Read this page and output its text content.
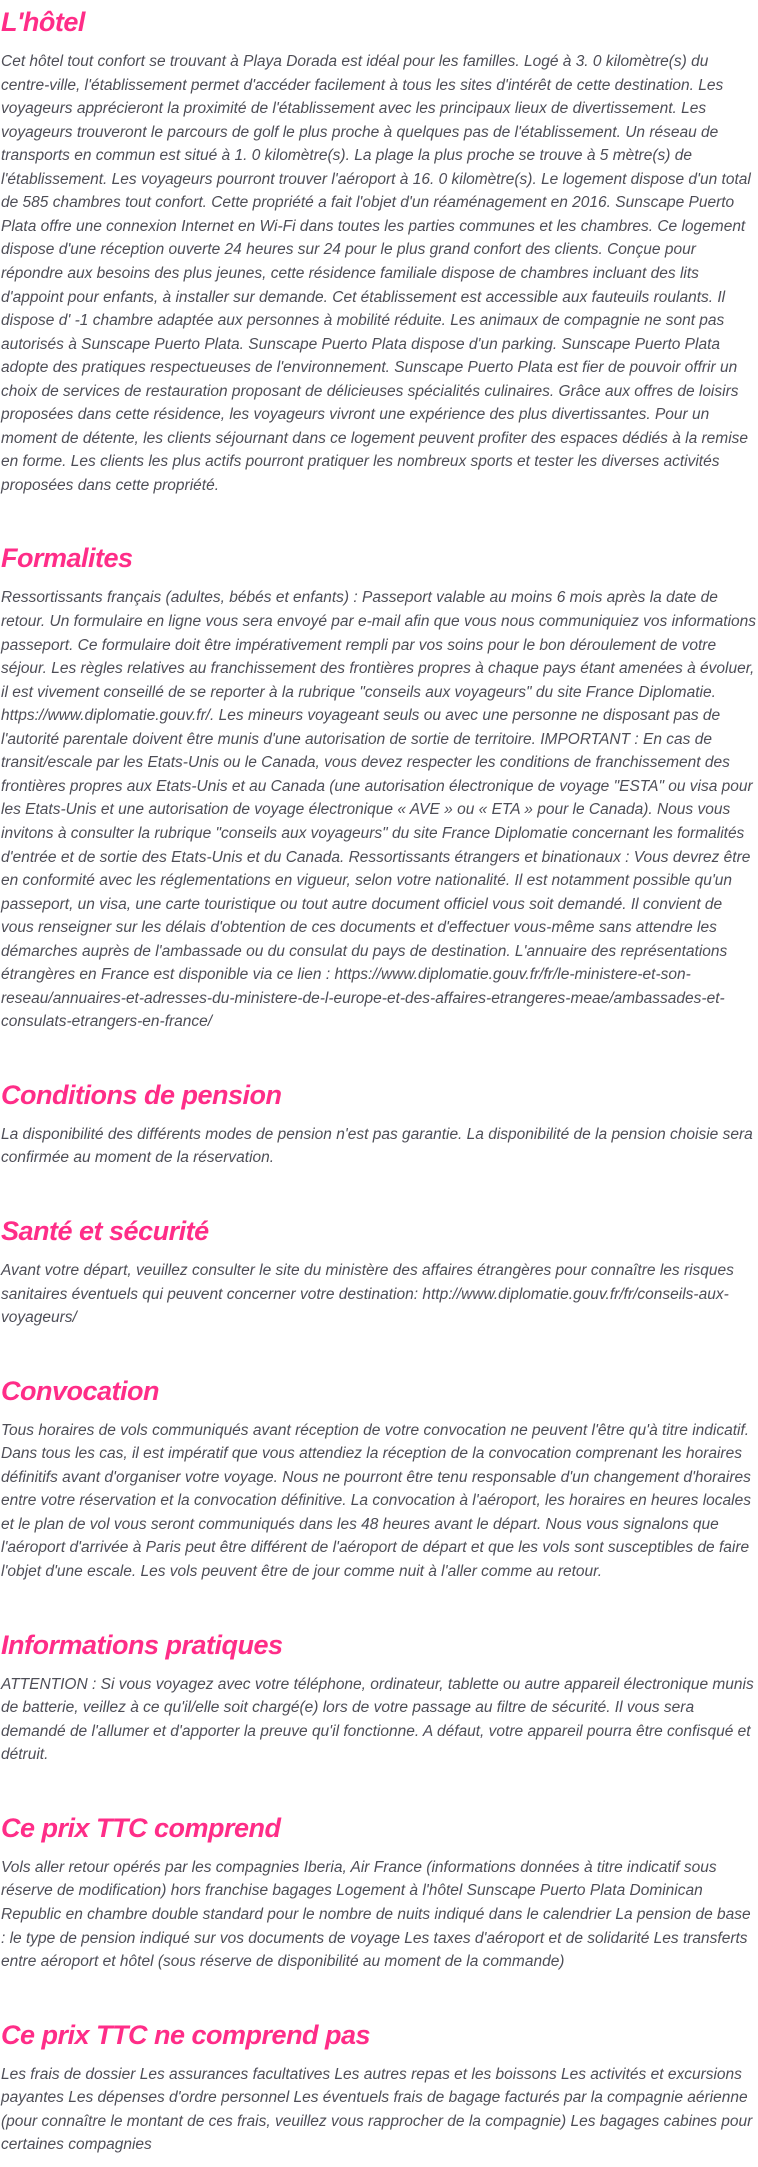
L'hôtel

Cet hôtel tout confort se trouvant à Playa Dorada est idéal pour les familles. Logé à 3. 0 kilomètre(s) du centre-ville, l'établissement permet d'accéder facilement à tous les sites d'intérêt de cette destination. Les voyageurs apprécieront la proximité de l'établissement avec les principaux lieux de divertissement. Les voyageurs trouveront le parcours de golf le plus proche à quelques pas de l'établissement. Un réseau de transports en commun est situé à 1. 0 kilomètre(s). La plage la plus proche se trouve à 5 mètre(s) de l'établissement. Les voyageurs pourront trouver l'aéroport à 16. 0 kilomètre(s). Le logement dispose d'un total de 585 chambres tout confort. Cette propriété a fait l'objet d'un réaménagement en 2016. Sunscape Puerto Plata offre une connexion Internet en Wi-Fi dans toutes les parties communes et les chambres. Ce logement dispose d'une réception ouverte 24 heures sur 24 pour le plus grand confort des clients. Conçue pour répondre aux besoins des plus jeunes, cette résidence familiale dispose de chambres incluant des lits d'appoint pour enfants, à installer sur demande. Cet établissement est accessible aux fauteuils roulants. Il dispose d' -1 chambre adaptée aux personnes à mobilité réduite. Les animaux de compagnie ne sont pas autorisés à Sunscape Puerto Plata. Sunscape Puerto Plata dispose d'un parking. Sunscape Puerto Plata adopte des pratiques respectueuses de l'environnement. Sunscape Puerto Plata est fier de pouvoir offrir un choix de services de restauration proposant de délicieuses spécialités culinaires. Grâce aux offres de loisirs proposées dans cette résidence, les voyageurs vivront une expérience des plus divertissantes. Pour un moment de détente, les clients séjournant dans ce logement peuvent profiter des espaces dédiés à la remise en forme. Les clients les plus actifs pourront pratiquer les nombreux sports et tester les diverses activités proposées dans cette propriété.

Formalites

Ressortissants français (adultes, bébés et enfants) : Passeport valable au moins 6 mois après la date de retour. Un formulaire en ligne vous sera envoyé par e-mail afin que vous nous communiquiez vos informations passeport. Ce formulaire doit être impérativement rempli par vos soins pour le bon déroulement de votre séjour. Les règles relatives au franchissement des frontières propres à chaque pays étant amenées à évoluer, il est vivement conseillé de se reporter à la rubrique "conseils aux voyageurs" du site France Diplomatie. https://www.diplomatie.gouv.fr/. Les mineurs voyageant seuls ou avec une personne ne disposant pas de l'autorité parentale doivent être munis d'une autorisation de sortie de territoire. IMPORTANT : En cas de transit/escale par les Etats-Unis ou le Canada, vous devez respecter les conditions de franchissement des frontières propres aux Etats-Unis et au Canada (une autorisation électronique de voyage "ESTA" ou visa pour les Etats-Unis et une autorisation de voyage électronique « AVE » ou « ETA » pour le Canada). Nous vous invitons à consulter la rubrique "conseils aux voyageurs" du site France Diplomatie concernant les formalités d'entrée et de sortie des Etats-Unis et du Canada. Ressortissants étrangers et binationaux : Vous devrez être en conformité avec les réglementations en vigueur, selon votre nationalité. Il est notamment possible qu'un passeport, un visa, une carte touristique ou tout autre document officiel vous soit demandé. Il convient de vous renseigner sur les délais d'obtention de ces documents et d'effectuer vous-même sans attendre les démarches auprès de l'ambassade ou du consulat du pays de destination. L'annuaire des représentations étrangères en France est disponible via ce lien : https://www.diplomatie.gouv.fr/fr/le-ministere-et-son-reseau/annuaires-et-adresses-du-ministere-de-l-europe-et-des-affaires-etrangeres-meae/ambassades-et-consulats-etrangers-en-france/

Conditions de pension

La disponibilité des différents modes de pension n'est pas garantie. La disponibilité de la pension choisie sera confirmée au moment de la réservation.

Santé et sécurité

Avant votre départ, veuillez consulter le site du ministère des affaires étrangères pour connaître les risques sanitaires éventuels qui peuvent concerner votre destination: http://www.diplomatie.gouv.fr/fr/conseils-aux-voyageurs/

Convocation

Tous horaires de vols communiqués avant réception de votre convocation ne peuvent l'être qu'à titre indicatif. Dans tous les cas, il est impératif que vous attendiez la réception de la convocation comprenant les horaires définitifs avant d'organiser votre voyage. Nous ne pourront être tenu responsable d'un changement d'horaires entre votre réservation et la convocation définitive. La convocation à l'aéroport, les horaires en heures locales et le plan de vol vous seront communiqués dans les 48 heures avant le départ. Nous vous signalons que l'aéroport d'arrivée à Paris peut être différent de l'aéroport de départ et que les vols sont susceptibles de faire l'objet d'une escale. Les vols peuvent être de jour comme nuit à l'aller comme au retour.

Informations pratiques

ATTENTION : Si vous voyagez avec votre téléphone, ordinateur, tablette ou autre appareil électronique munis de batterie, veillez à ce qu'il/elle soit chargé(e) lors de votre passage au filtre de sécurité. Il vous sera demandé de l'allumer et d'apporter la preuve qu'il fonctionne. A défaut, votre appareil pourra être confisqué et détruit.

Ce prix TTC comprend

Vols aller retour opérés par les compagnies Iberia, Air France (informations données à titre indicatif sous réserve de modification) hors franchise bagages Logement à l'hôtel Sunscape Puerto Plata Dominican Republic en chambre double standard pour le nombre de nuits indiqué dans le calendrier La pension de base : le type de pension indiqué sur vos documents de voyage Les taxes d'aéroport et de solidarité Les transferts entre aéroport et hôtel (sous réserve de disponibilité au moment de la commande)

Ce prix TTC ne comprend pas

Les frais de dossier Les assurances facultatives Les autres repas et les boissons Les activités et excursions payantes Les dépenses d'ordre personnel Les éventuels frais de bagage facturés par la compagnie aérienne (pour connaître le montant de ces frais, veuillez vous rapprocher de la compagnie) Les bagages cabines pour certaines compagnies
